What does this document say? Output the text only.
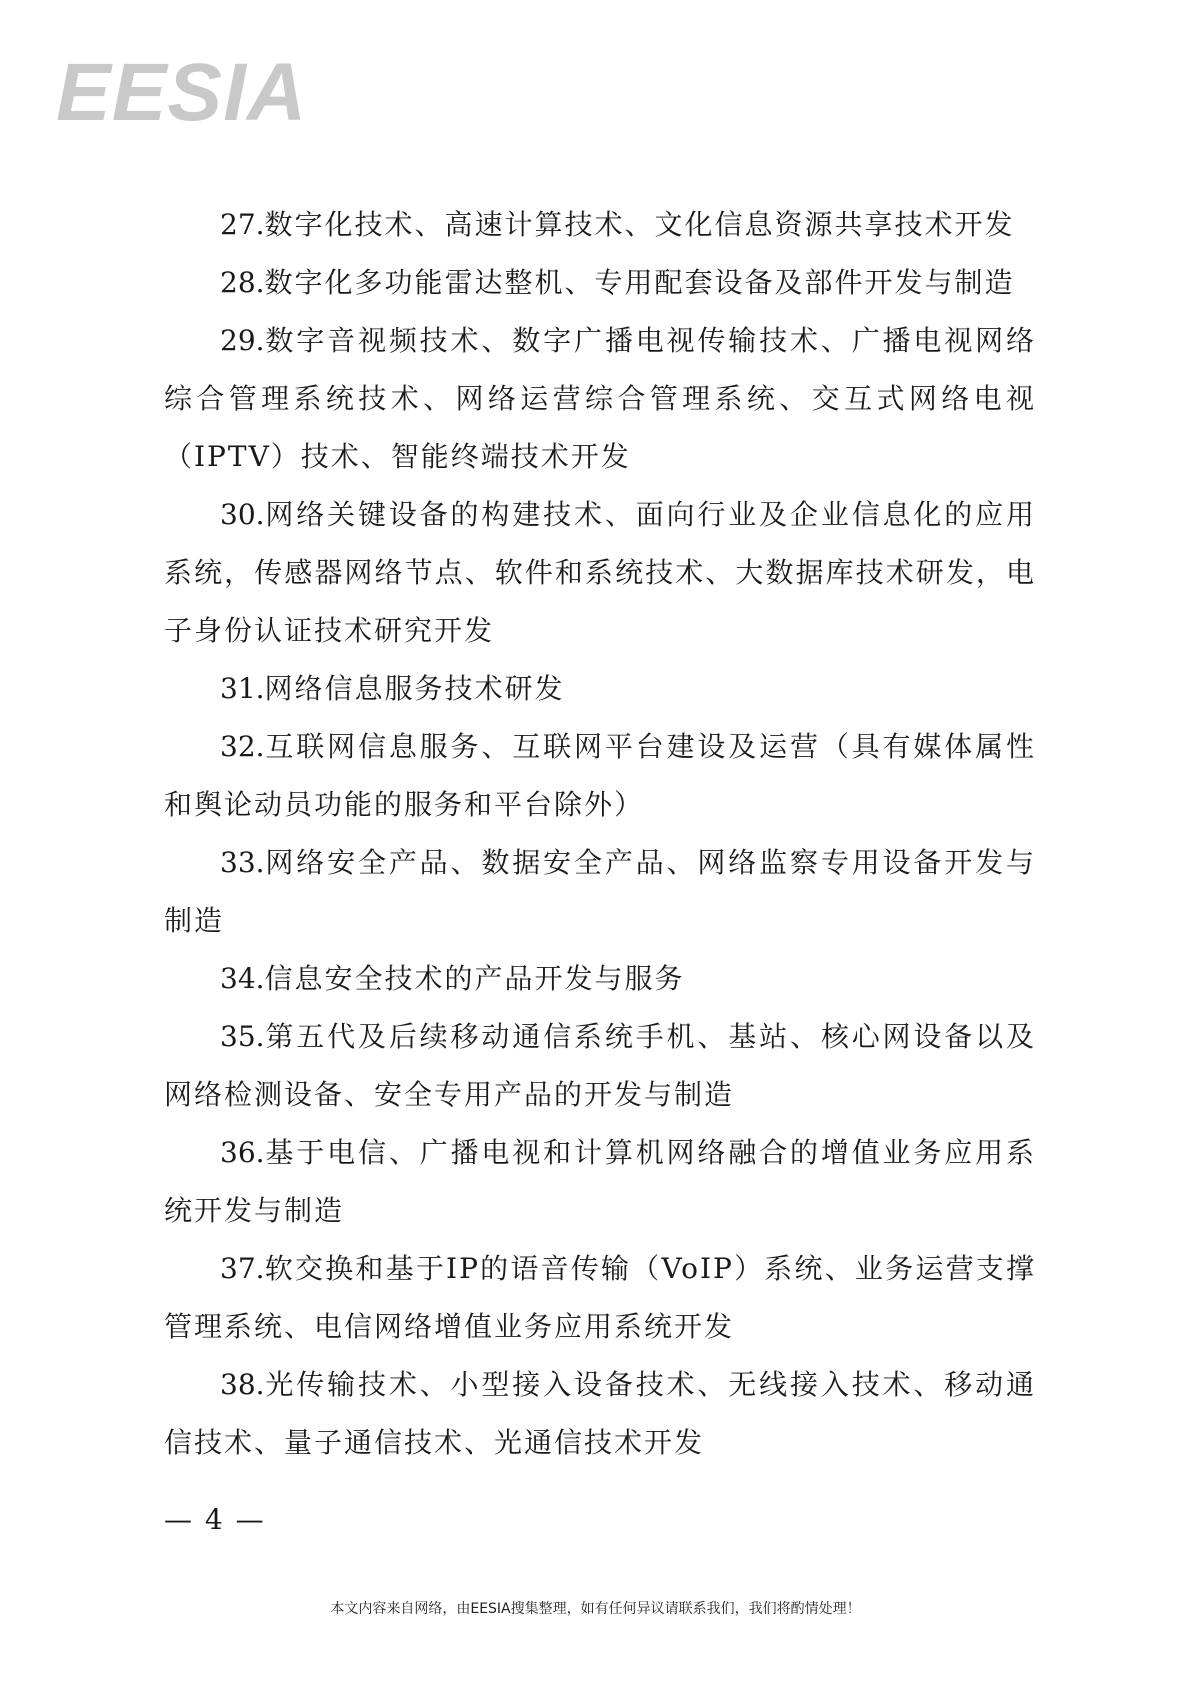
EESIA

27.数字化技术、高速计算技术、文化信息资源共享技术开发

28.数字化多功能雷达整机、专用配套设备及部件开发与制造

29.数字音视频技术、数字广播电视传输技术、广播电视网络综合管理系统技术、网络运营综合管理系统、交互式网络电视（IPTV）技术、智能终端技术开发

30.网络关键设备的构建技术、面向行业及企业信息化的应用系统，传感器网络节点、软件和系统技术、大数据库技术研发，电子身份认证技术研究开发

31.网络信息服务技术研发

32.互联网信息服务、互联网平台建设及运营（具有媒体属性和舆论动员功能的服务和平台除外）

33.网络安全产品、数据安全产品、网络监察专用设备开发与制造

34.信息安全技术的产品开发与服务

35.第五代及后续移动通信系统手机、基站、核心网设备以及网络检测设备、安全专用产品的开发与制造

36.基于电信、广播电视和计算机网络融合的增值业务应用系统开发与制造

37.软交换和基于IP的语音传输（VoIP）系统、业务运营支撑管理系统、电信网络增值业务应用系统开发

38.光传输技术、小型接入设备技术、无线接入技术、移动通信技术、量子通信技术、光通信技术开发

— 4 —
本文内容来自网络，由EESIA搜集整理，如有任何异议请联系我们，我们将酌情处理！
